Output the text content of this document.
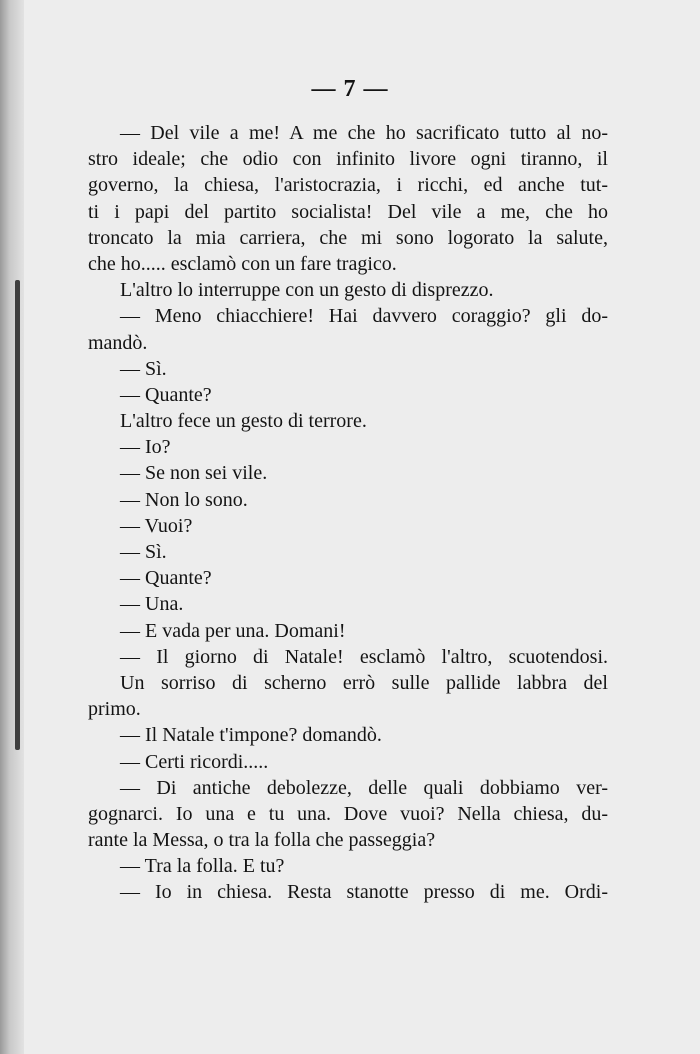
— 7 —
— Del vile a me! A me che ho sacrificato tutto al no-
stro ideale; che odio con infinito livore ogni tiranno, il
governo, la chiesa, l'aristocrazia, i ricchi, ed anche tut-
ti i papi del partito socialista! Del vile a me, che ho
troncato la mia carriera, che mi sono logorato la salute,
che ho..... esclamò con un fare tragico.
L'altro lo interruppe con un gesto di disprezzo.
— Meno chiacchiere! Hai davvero coraggio? gli do-
mandò.
— Sì.
— Quante?
L'altro fece un gesto di terrore.
— Io?
— Se non sei vile.
— Non lo sono.
— Vuoi?
— Sì.
— Quante?
— Una.
— E vada per una. Domani!
— Il giorno di Natale! esclamò l'altro, scuotendosi.
Un sorriso di scherno errò sulle pallide labbra del
primo.
— Il Natale t'impone? domandò.
— Certi ricordi.....
— Di antiche debolezze, delle quali dobbiamo ver-
gognarci. Io una e tu una. Dove vuoi? Nella chiesa, du-
rante la Messa, o tra la folla che passeggia?
— Tra la folla. E tu?
— Io in chiesa. Resta stanotte presso di me. Ordi-
